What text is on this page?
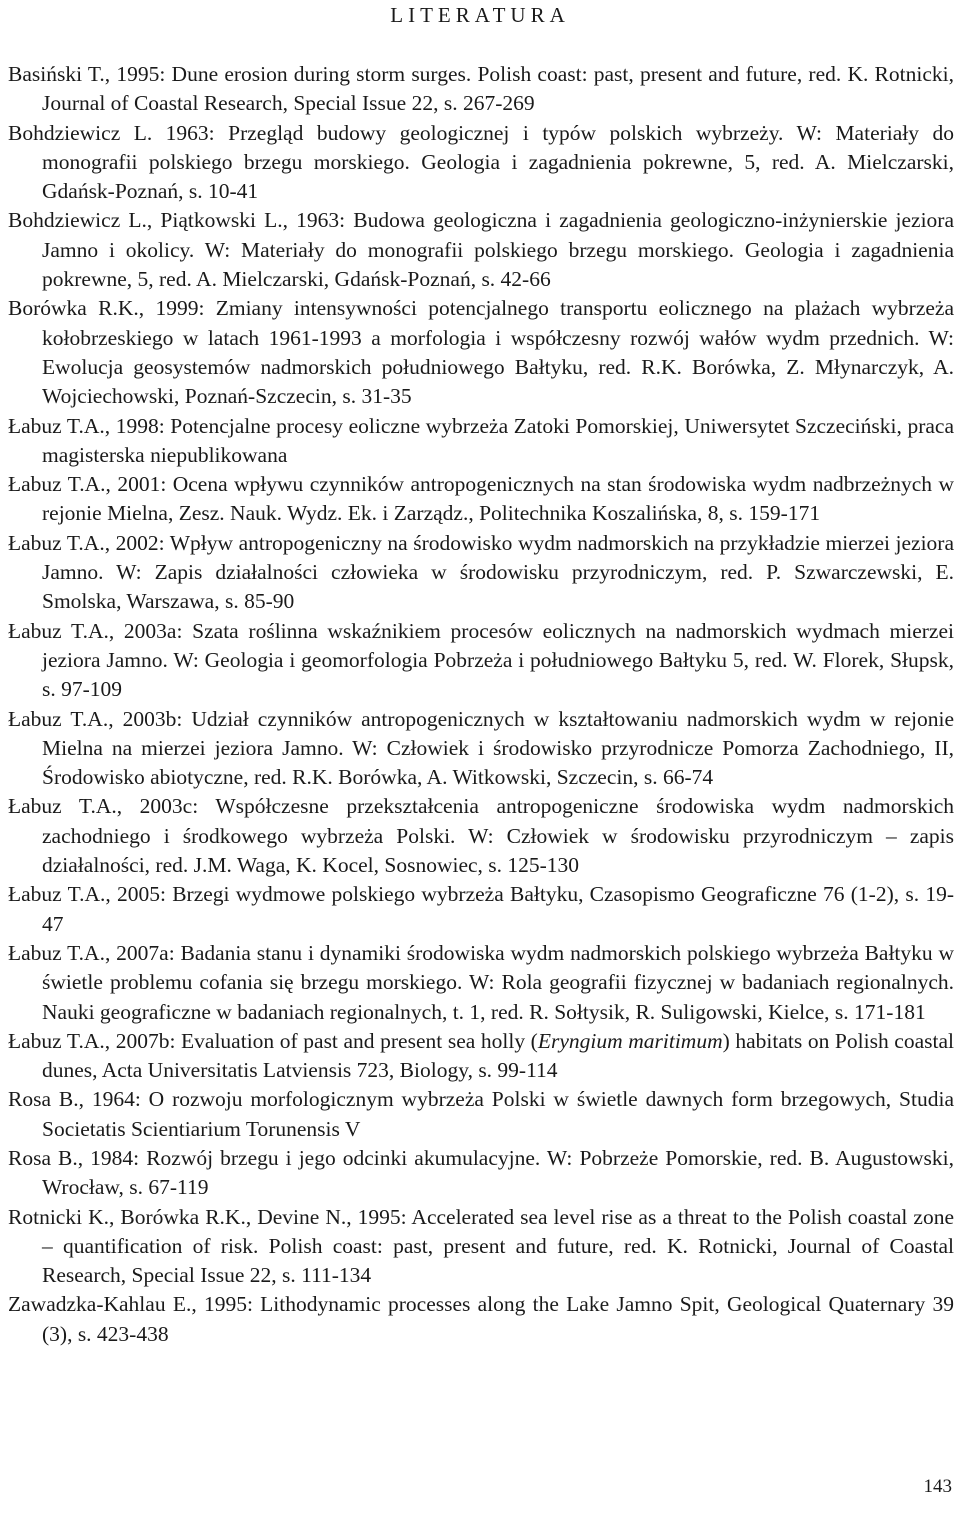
LITERATURA
Basiński T., 1995: Dune erosion during storm surges. Polish coast: past, present and future, red. K. Rotnicki, Journal of Coastal Research, Special Issue 22, s. 267-269
Bohdziewicz L. 1963: Przegląd budowy geologicznej i typów polskich wybrzeży. W: Materiały do monografii polskiego brzegu morskiego. Geologia i zagadnienia pokrewne, 5, red. A. Mielczarski, Gdańsk-Poznań, s. 10-41
Bohdziewicz L., Piątkowski L., 1963: Budowa geologiczna i zagadnienia geologiczno-inżynierskie jeziora Jamno i okolicy. W: Materiały do monografii polskiego brzegu morskiego. Geologia i zagadnienia pokrewne, 5, red. A. Mielczarski, Gdańsk-Poznań, s. 42-66
Borówka R.K., 1999: Zmiany intensywności potencjalnego transportu eolicznego na plażach wybrzeża kołobrzeskiego w latach 1961-1993 a morfologia i współczesny rozwój wałów wydm przednich. W: Ewolucja geosystemów nadmorskich południowego Bałtyku, red. R.K. Borówka, Z. Młynarczyk, A. Wojciechowski, Poznań-Szczecin, s. 31-35
Łabuz T.A., 1998: Potencjalne procesy eoliczne wybrzeża Zatoki Pomorskiej, Uniwersytet Szczeciński, praca magisterska niepublikowana
Łabuz T.A., 2001: Ocena wpływu czynników antropogenicznych na stan środowiska wydm nadbrzeżnych w rejonie Mielna, Zesz. Nauk. Wydz. Ek. i Zarządz., Politechnika Koszalińska, 8, s. 159-171
Łabuz T.A., 2002: Wpływ antropogeniczny na środowisko wydm nadmorskich na przykładzie mierzei jeziora Jamno. W: Zapis działalności człowieka w środowisku przyrodniczym, red. P. Szwarczewski, E. Smolska, Warszawa, s. 85-90
Łabuz T.A., 2003a: Szata roślinna wskaźnikiem procesów eolicznych na nadmorskich wydmach mierzei jeziora Jamno. W: Geologia i geomorfologia Pobrzeża i południowego Bałtyku 5, red. W. Florek, Słupsk, s. 97-109
Łabuz T.A., 2003b: Udział czynników antropogenicznych w kształtowaniu nadmorskich wydm w rejonie Mielna na mierzei jeziora Jamno. W: Człowiek i środowisko przyrodnicze Pomorza Zachodniego, II, Środowisko abiotyczne, red. R.K. Borówka, A. Witkowski, Szczecin, s. 66-74
Łabuz T.A., 2003c: Współczesne przekształcenia antropogeniczne środowiska wydm nadmorskich zachodniego i środkowego wybrzeża Polski. W: Człowiek w środowisku przyrodniczym – zapis działalności, red. J.M. Waga, K. Kocel, Sosnowiec, s. 125-130
Łabuz T.A., 2005: Brzegi wydmowe polskiego wybrzeża Bałtyku, Czasopismo Geograficzne 76 (1-2), s. 19-47
Łabuz T.A., 2007a: Badania stanu i dynamiki środowiska wydm nadmorskich polskiego wybrzeża Bałtyku w świetle problemu cofania się brzegu morskiego. W: Rola geografii fizycznej w badaniach regionalnych. Nauki geograficzne w badaniach regionalnych, t. 1, red. R. Sołtysik, R. Suligowski, Kielce, s. 171-181
Łabuz T.A., 2007b: Evaluation of past and present sea holly (Eryngium maritimum) habitats on Polish coastal dunes, Acta Universitatis Latviensis 723, Biology, s. 99-114
Rosa B., 1964: O rozwoju morfologicznym wybrzeża Polski w świetle dawnych form brzegowych, Studia Societatis Scientiarium Torunensis V
Rosa B., 1984: Rozwój brzegu i jego odcinki akumulacyjne. W: Pobrzeże Pomorskie, red. B. Augustowski, Wrocław, s. 67-119
Rotnicki K., Borówka R.K., Devine N., 1995: Accelerated sea level rise as a threat to the Polish coastal zone – quantification of risk. Polish coast: past, present and future, red. K. Rotnicki, Journal of Coastal Research, Special Issue 22, s. 111-134
Zawadzka-Kahlau E., 1995: Lithodynamic processes along the Lake Jamno Spit, Geological Quaternary 39 (3), s. 423-438
143
